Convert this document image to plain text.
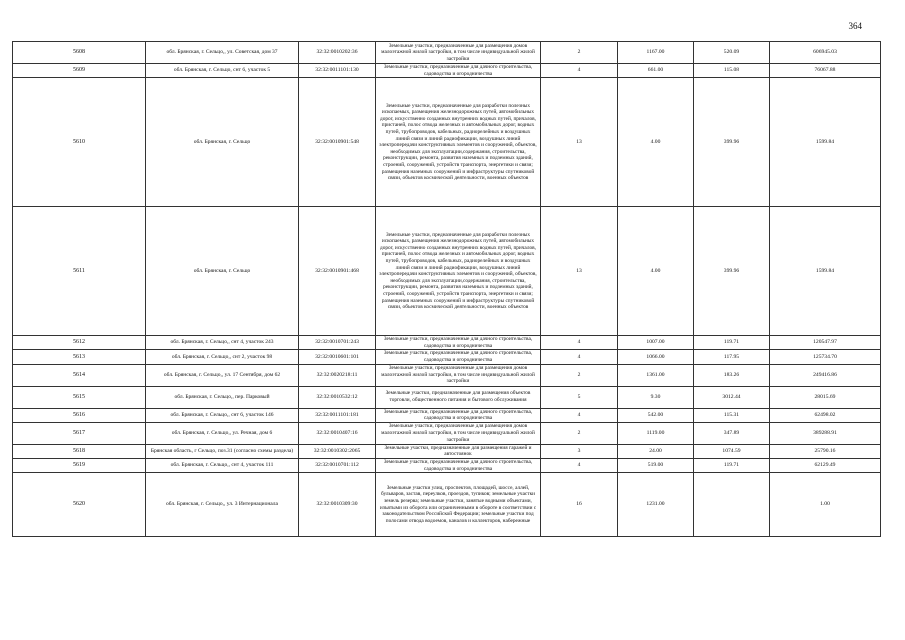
364
5608	обл. Брянская, г. Сельцо,, ул. Советская, дом 37	32:32:0010202:36	Земельные участки, предназначенные для размещения домов малоэтажной жилой застройки, в том числе индивидуальной жилой застройки	2	1167.00	520.09	606945.03
5609	обл. Брянская, г. Сельцо, снт 6, участок 5	32:32:0011101:130	Земельные участки, предназначенные для дачного строительства, садоводства и огородничества	4	661.00	115.08	76067.88
5610	обл. Брянская, г. Сельцо	32:32:0010901:548	Земельные участки, предназначенные для разработки полезных ископаемых, размещения железнодорожных путей, автомобильных дорог, искусственно созданных внутренних водных путей, причалов, пристаней, полос отвода железных и автомобильных дорог, водных путей, трубопроводов, кабельных, радиорелейных и воздушных линий связи и линий радиофикации, воздушных линий электропередачи конструктивных элементов и сооружений, объектов, необходимых для эксплуатации,содержания, строительства, реконструкции, ремонта, развития наземных и подземных зданий, строений, сооружений, устройств транспорта, энергетики и связи; размещения наземных сооружений и инфраструктуры спутниковой связи, объектов космической деятельности, военных объектов	13	4.00	399.96	1599.84
5611	обл. Брянская, г. Сельцо	32:32:0010901:468	Земельные участки, предназначенные для разработки полезных ископаемых, размещения железнодорожных путей, автомобильных дорог, искусственно созданных внутренних водных путей, причалов, пристаней, полос отвода железных и автомобильных дорог, водных путей, трубопроводов, кабельных, радиорелейных и воздушных линий связи и линий радиофикации, воздушных линий электропередачи конструктивных элементов и сооружений, объектов, необходимых для эксплуатации,содержания, строительства, реконструкции, ремонта, развития наземных и подземных зданий, строений, сооружений, устройств транспорта, энергетики и связи; размещения наземных сооружений и инфраструктуры спутниковой связи, объектов космической деятельности, военных объектов	13	4.00	399.96	1599.84
5612	обл. Брянская, г. Сельцо,, снт 4, участок 243	32:32:0010701:243	Земельные участки, предназначенные для дачного строительства, садоводства и огородничества	4	1007.00	119.71	120547.97
5613	обл. Брянская, г. Сельцо,, снт 2, участок 98	32:32:0010601:101	Земельные участки, предназначенные для дачного строительства, садоводства и огородничества	4	1066.00	117.95	125734.70
5614	обл. Брянская, г. Сельцо,, ул. 17 Сентября, дом 62	32:32:0020218:11	Земельные участки, предназначенные для размещения домов малоэтажной жилой застройки, в том числе индивидуальной жилой застройки	2	1361.00	183.26	249416.86
5615	обл. Брянская, г. Сельцо,, пер. Парковый	32:32:0010532:12	Земельные участки, предназначенные для размещения объектов торговли, общественного питания и бытового обслуживания	5	9.30	3012.44	28015.69
5616	обл. Брянская, г. Сельцо,, снт 6, участок 146	32:32:0011101:181	Земельные участки, предназначенные для дачного строительства, садоводства и огородничества	4	542.00	115.31	62498.02
5617	обл. Брянская, г. Сельцо,, ул. Речная, дом 6	32:32:0010407:16	Земельные участки, предназначенные для размещения домов малоэтажной жилой застройки, в том числе индивидуальной жилой застройки	2	1119.00	347.89	389288.91
5618	Брянская область, г Сельцо, поз.31 (согласно схемы раздела)	32:32:0010302:2065	Земельные участки, предназначенные для размещения гаражей и автостоянок	3	24.00	1074.59	25790.16
5619	обл. Брянская, г. Сельцо,, снт 4, участок 111	32:32:0010701:112	Земельные участки, предназначенные для дачного строительства, садоводства и огородничества	4	519.00	119.71	62129.49
5620	обл. Брянская, г. Сельцо,, ул. 3 Интернационала	32:32:0010309:30	Земельные участки улиц, проспектов, площадей, шоссе, аллей, бульваров, застав, переулков, проездов, тупиков; земельные участки земель резерва; земельные участки, занятые водными объектами, изъятыми из оборота или ограниченными в обороте в соответствии с законодательством Российской Федерации; земельные участки под полосами отвода водоемов, каналов и коллекторов, набережные	16	1231.00		1.00
